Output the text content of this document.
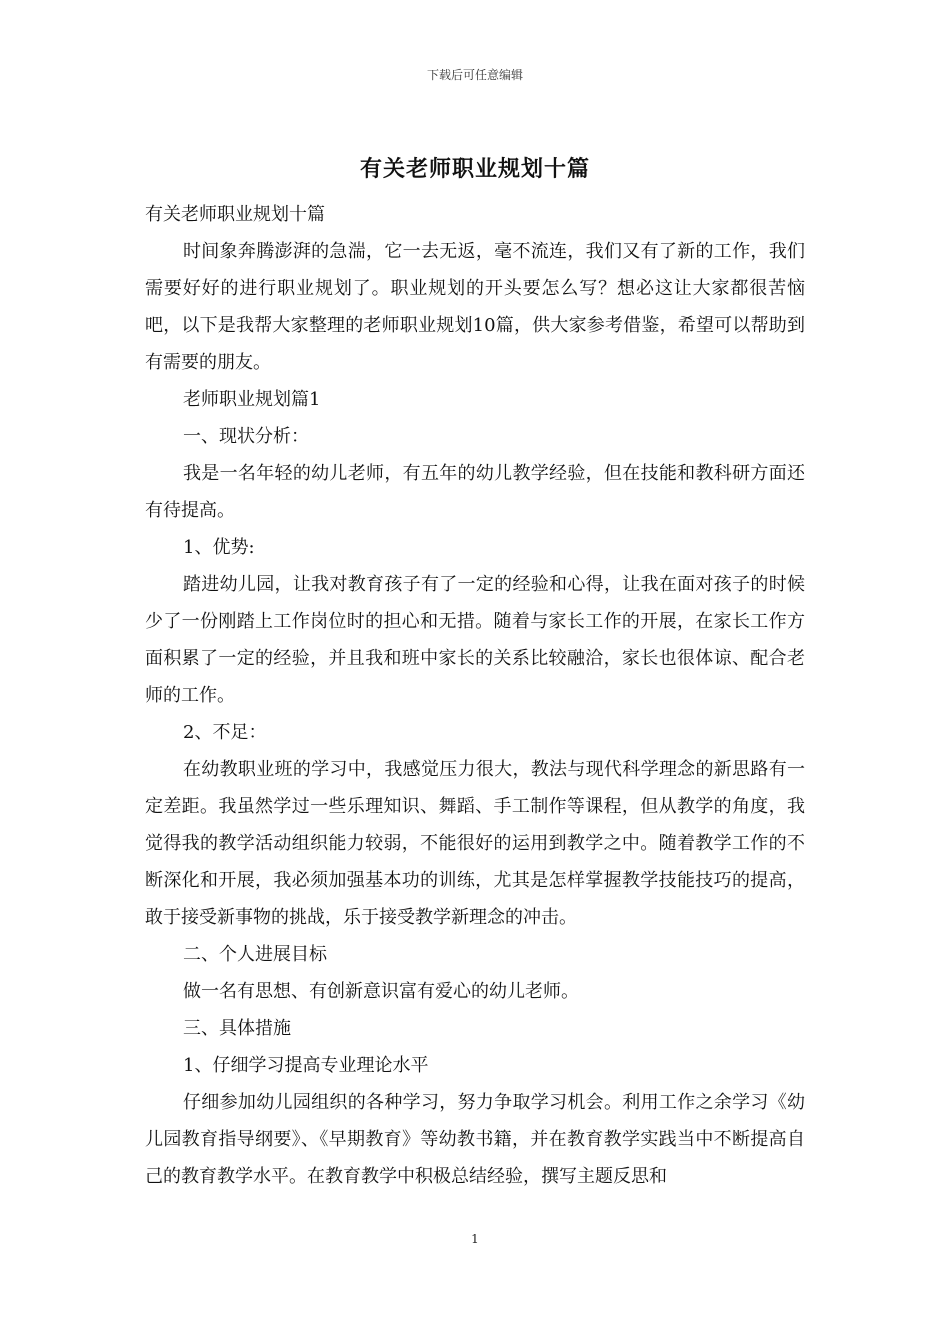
下载后可任意编辑
有关老师职业规划十篇

有关老师职业规划十篇

时间象奔腾澎湃的急湍，它一去无返，毫不流连，我们又有了新的工作，我们需要好好的进行职业规划了。职业规划的开头要怎么写？想必这让大家都很苦恼吧，以下是我帮大家整理的老师职业规划10篇，供大家参考借鉴，希望可以帮助到有需要的朋友。

老师职业规划篇1

一、现状分析：

我是一名年轻的幼儿老师，有五年的幼儿教学经验，但在技能和教科研方面还有待提高。

1、优势:

踏进幼儿园，让我对教育孩子有了一定的经验和心得，让我在面对孩子的时候少了一份刚踏上工作岗位时的担心和无措。随着与家长工作的开展，在家长工作方面积累了一定的经验，并且我和班中家长的关系比较融洽，家长也很体谅、配合老师的工作。

2、不足：

在幼教职业班的学习中，我感觉压力很大，教法与现代科学理念的新思路有一定差距。我虽然学过一些乐理知识、舞蹈、手工制作等课程，但从教学的角度，我觉得我的教学活动组织能力较弱，不能很好的运用到教学之中。随着教学工作的不断深化和开展，我必须加强基本功的训练，尤其是怎样掌握教学技能技巧的提高，敢于接受新事物的挑战，乐于接受教学新理念的冲击。

二、个人进展目标

做一名有思想、有创新意识富有爱心的幼儿老师。

三、具体措施

1、仔细学习提高专业理论水平

仔细参加幼儿园组织的各种学习，努力争取学习机会。利用工作之余学习《幼儿园教育指导纲要》、《早期教育》等幼教书籍，并在教育教学实践当中不断提高自己的教育教学水平。在教育教学中积极总结经验，撰写主题反思和

1
